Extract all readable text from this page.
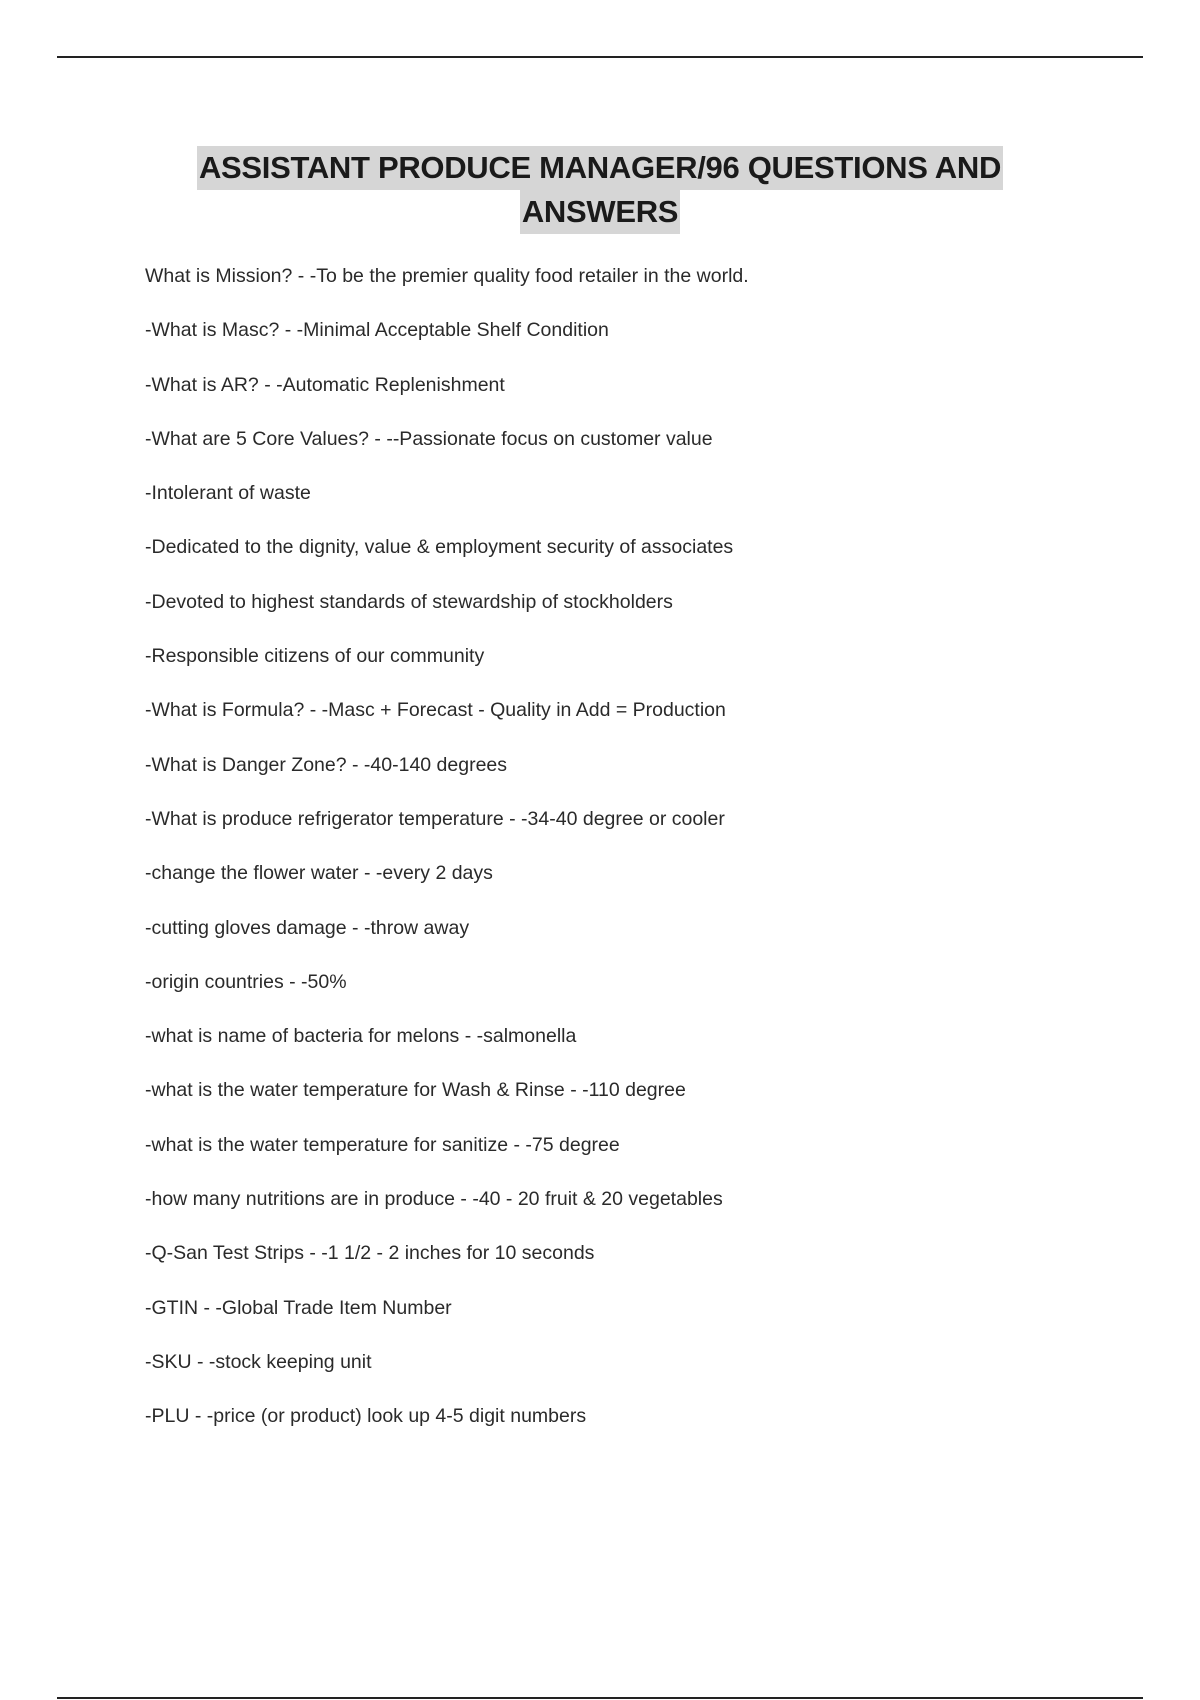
ASSISTANT PRODUCE MANAGER/96 QUESTIONS AND
ANSWERS
What is Mission? - -To be the premier quality food retailer in the world.
-What is Masc? - -Minimal Acceptable Shelf Condition
-What is AR? - -Automatic Replenishment
-What are 5 Core Values? - --Passionate focus on customer value
-Intolerant of waste
-Dedicated to the dignity, value & employment security of associates
-Devoted to highest standards of stewardship of stockholders
-Responsible citizens of our community
-What is Formula? - -Masc + Forecast - Quality in Add = Production
-What is Danger Zone? - -40-140 degrees
-What is produce refrigerator temperature - -34-40 degree or cooler
-change the flower water - -every 2 days
-cutting gloves damage - -throw away
-origin countries - -50%
-what is name of bacteria for melons - -salmonella
-what is the water temperature for Wash & Rinse - -110 degree
-what is the water temperature for sanitize - -75 degree
-how many nutritions are in produce - -40 - 20 fruit & 20 vegetables
-Q-San Test Strips - -1 1/2 - 2 inches for 10 seconds
-GTIN - -Global Trade Item Number
-SKU - -stock keeping unit
-PLU - -price (or product) look up 4-5 digit numbers
